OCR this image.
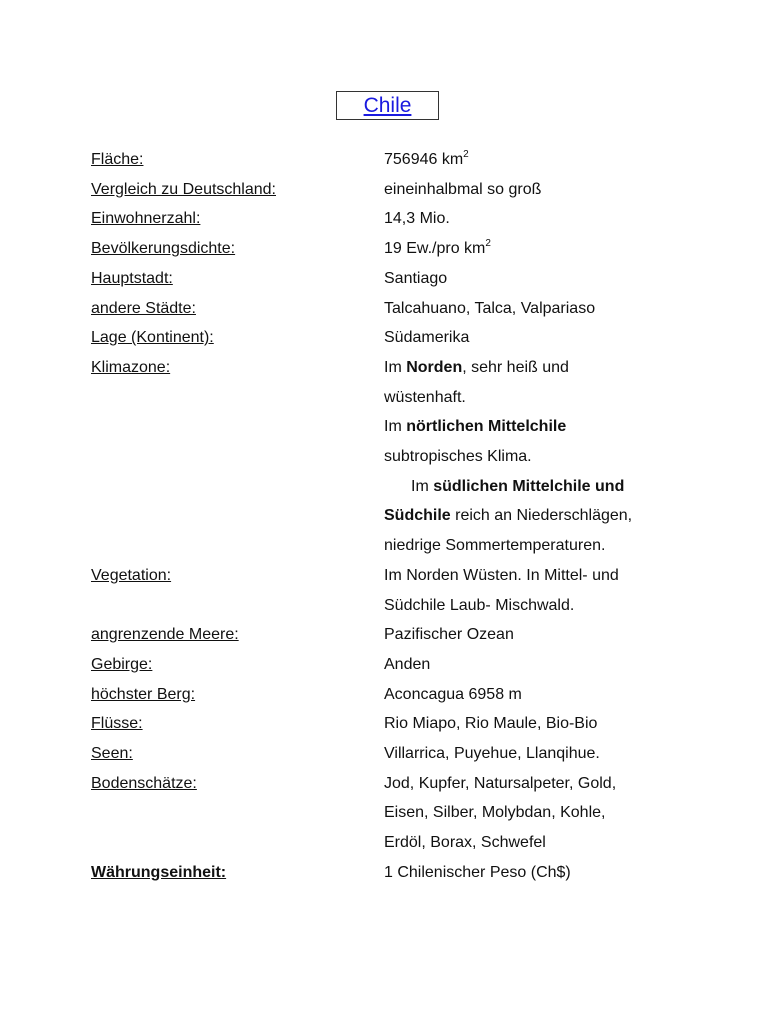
Chile
Fläche:	756946 $km^2$
Vergleich zu Deutschland:	eineinhalbmal so groß
Einwohnerzahl:	14,3 Mio.
Bevölkerungsdichte:	19 Ew./pro $km^2$
Hauptstadt:	Santiago
andere Städte:	Talcahuano, Talca, Valpariaso
Lage (Kontinent):	Südamerika
Klimazone:	Im Norden, sehr heiß und
wüstenhaft.
Im nörtlichen Mittelchile
subtropisches Klima.
Im südlichen Mittelchile und
Südchile reich an Niederschlägen,
niedrige Sommertemperaturen.
Vegetation:	Im Norden Wüsten. In Mittel- und
Südchile Laub- Mischwald.
angrenzende Meere:	Pazifischer Ozean
Gebirge:	Anden
höchster Berg:	Aconcagua 6958 m
Flüsse:	Rio Miapo, Rio Maule, Bio-Bio
Seen:	Villarrica, Puyehue, Llanqihue.
Bodenschätze:	Jod, Kupfer, Natursalpeter, Gold,
Eisen, Silber, Molybdan, Kohle,
Erdöl, Borax, Schwefel
Währungseinheit:	1 Chilenischer Peso (Ch$)
